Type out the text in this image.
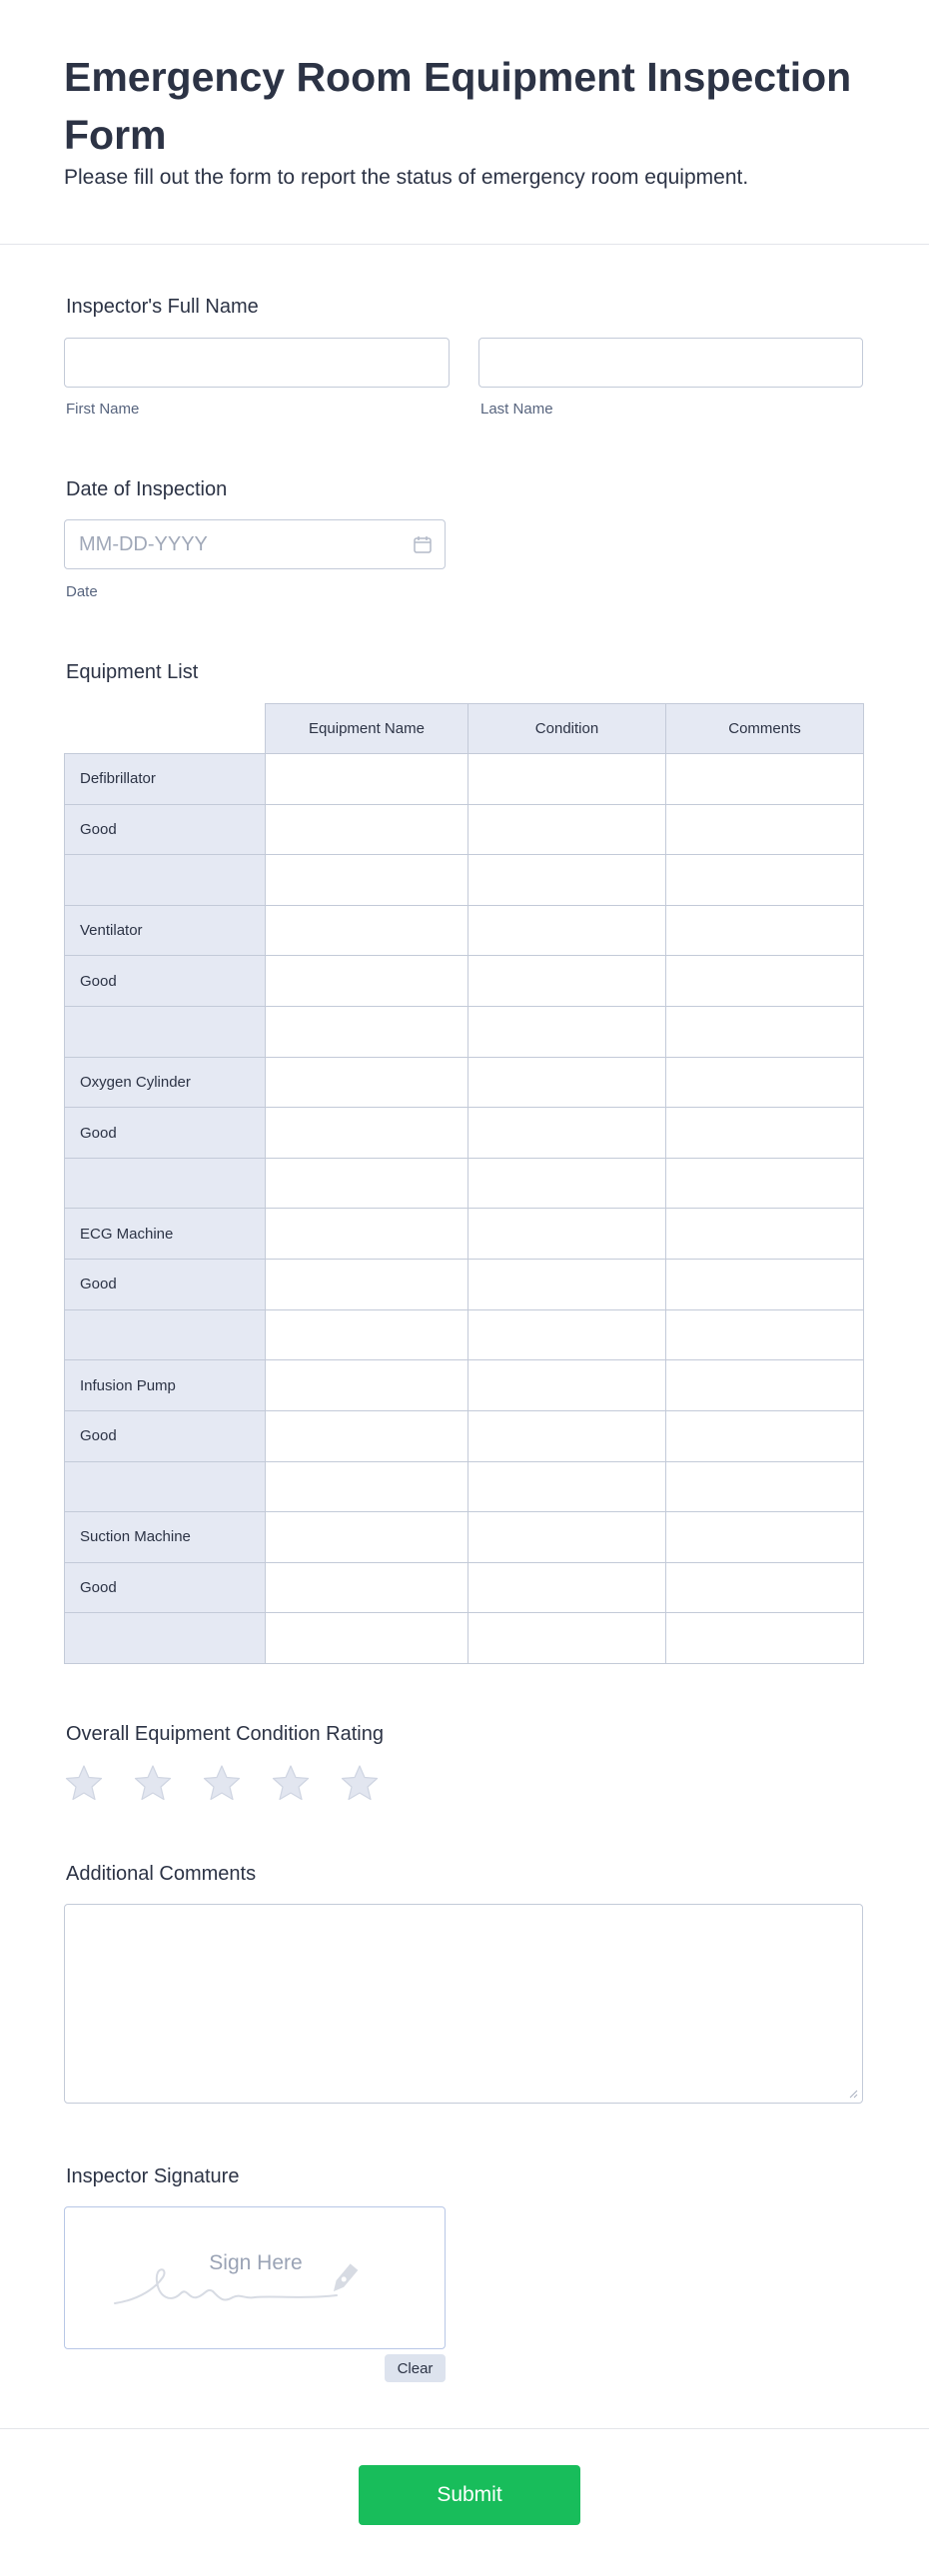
Emergency Room Equipment Inspection Form

Please fill out the form to report the status of emergency room equipment.

Inspector's Full Name
First Name	Last Name
Date of Inspection
MM-DD-YYYY
Date
Equipment List
	Equipment Name	Condition	Comments
Defibrillator			
Good			

Ventilator			
Good			

Oxygen Cylinder			
Good			

ECG Machine			
Good			

Infusion Pump			
Good			

Suction Machine			
Good			

Overall Equipment Condition Rating
Additional Comments
Inspector Signature
Sign Here
Clear
Submit
